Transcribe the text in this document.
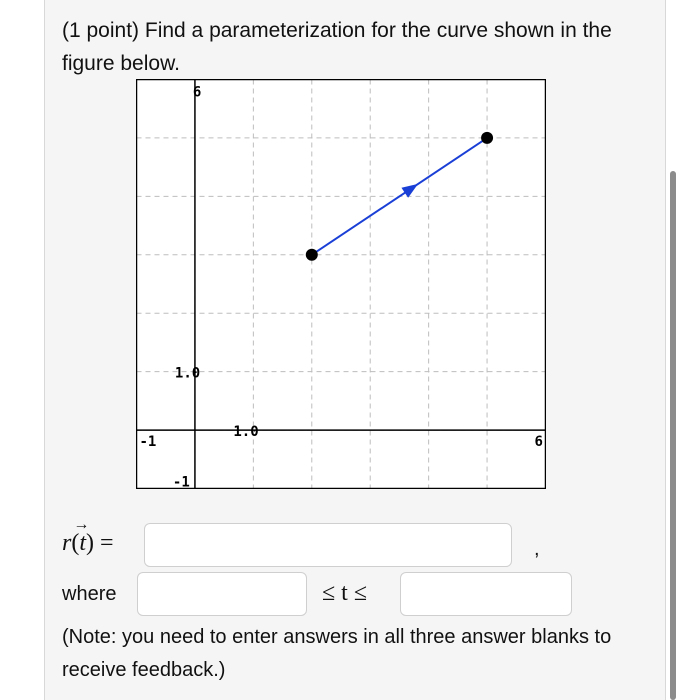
(1 point) Find a parameterization for the curve shown in the figure below.
-1
1.0
6
-1
1.0
6
r
→
(t) =	,
where	≤ t ≤
(Note: you need to enter answers in all three answer blanks to receive feedback.)
